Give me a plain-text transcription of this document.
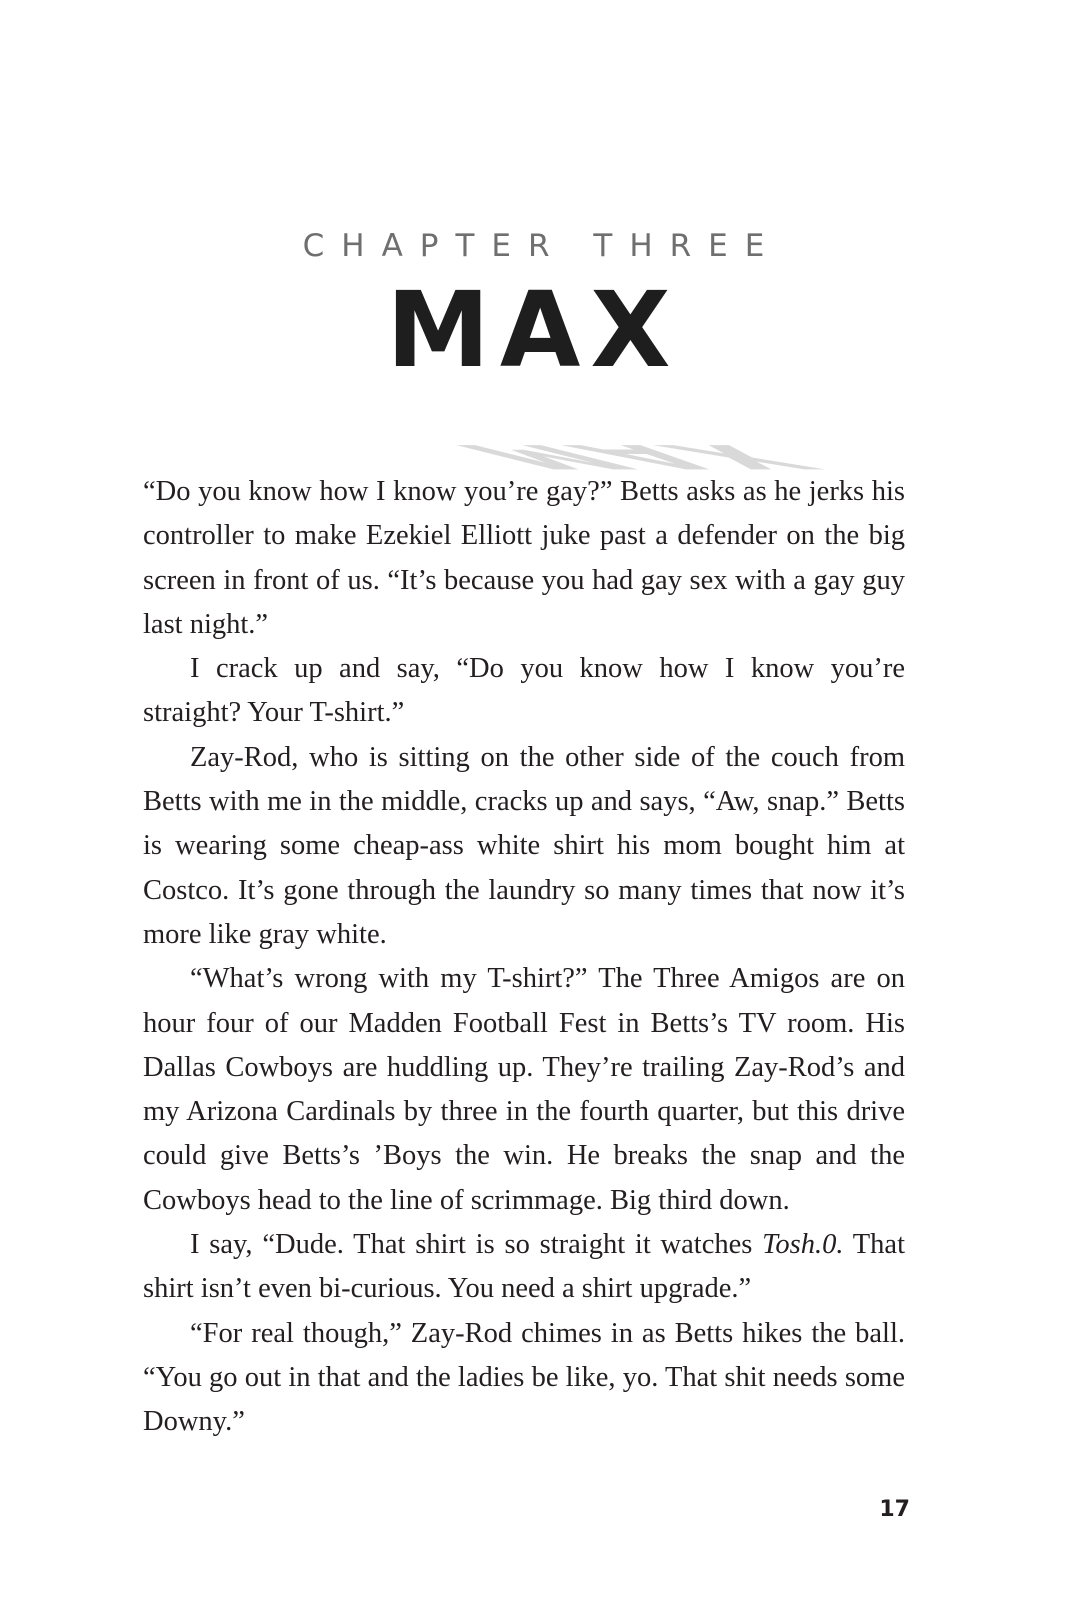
CHAPTER THREE
MAX
MAX

“Do you know how I know you’re gay?” Betts asks as he jerks his controller to make Ezekiel Elliott juke past a defender on the big screen in front of us. “It’s because you had gay sex with a gay guy last night.”

I crack up and say, “Do you know how I know you’re straight? Your T-shirt.”

Zay-Rod, who is sitting on the other side of the couch from Betts with me in the middle, cracks up and says, “Aw, snap.” Betts is wearing some cheap-ass white shirt his mom bought him at Costco. It’s gone through the laundry so many times that now it’s more like gray white.

“What’s wrong with my T-shirt?” The Three Amigos are on hour four of our Madden Football Fest in Betts’s TV room. His Dallas Cowboys are huddling up. They’re trailing Zay-Rod’s and my Arizona Cardinals by three in the fourth quarter, but this drive could give Betts’s ’Boys the win. He breaks the snap and the Cowboys head to the line of scrimmage. Big third down.

I say, “Dude. That shirt is so straight it watches Tosh.0. That shirt isn’t even bi-curious. You need a shirt upgrade.”

“For real though,” Zay-Rod chimes in as Betts hikes the ball. “You go out in that and the ladies be like, yo. That shit needs some Downy.”

17
